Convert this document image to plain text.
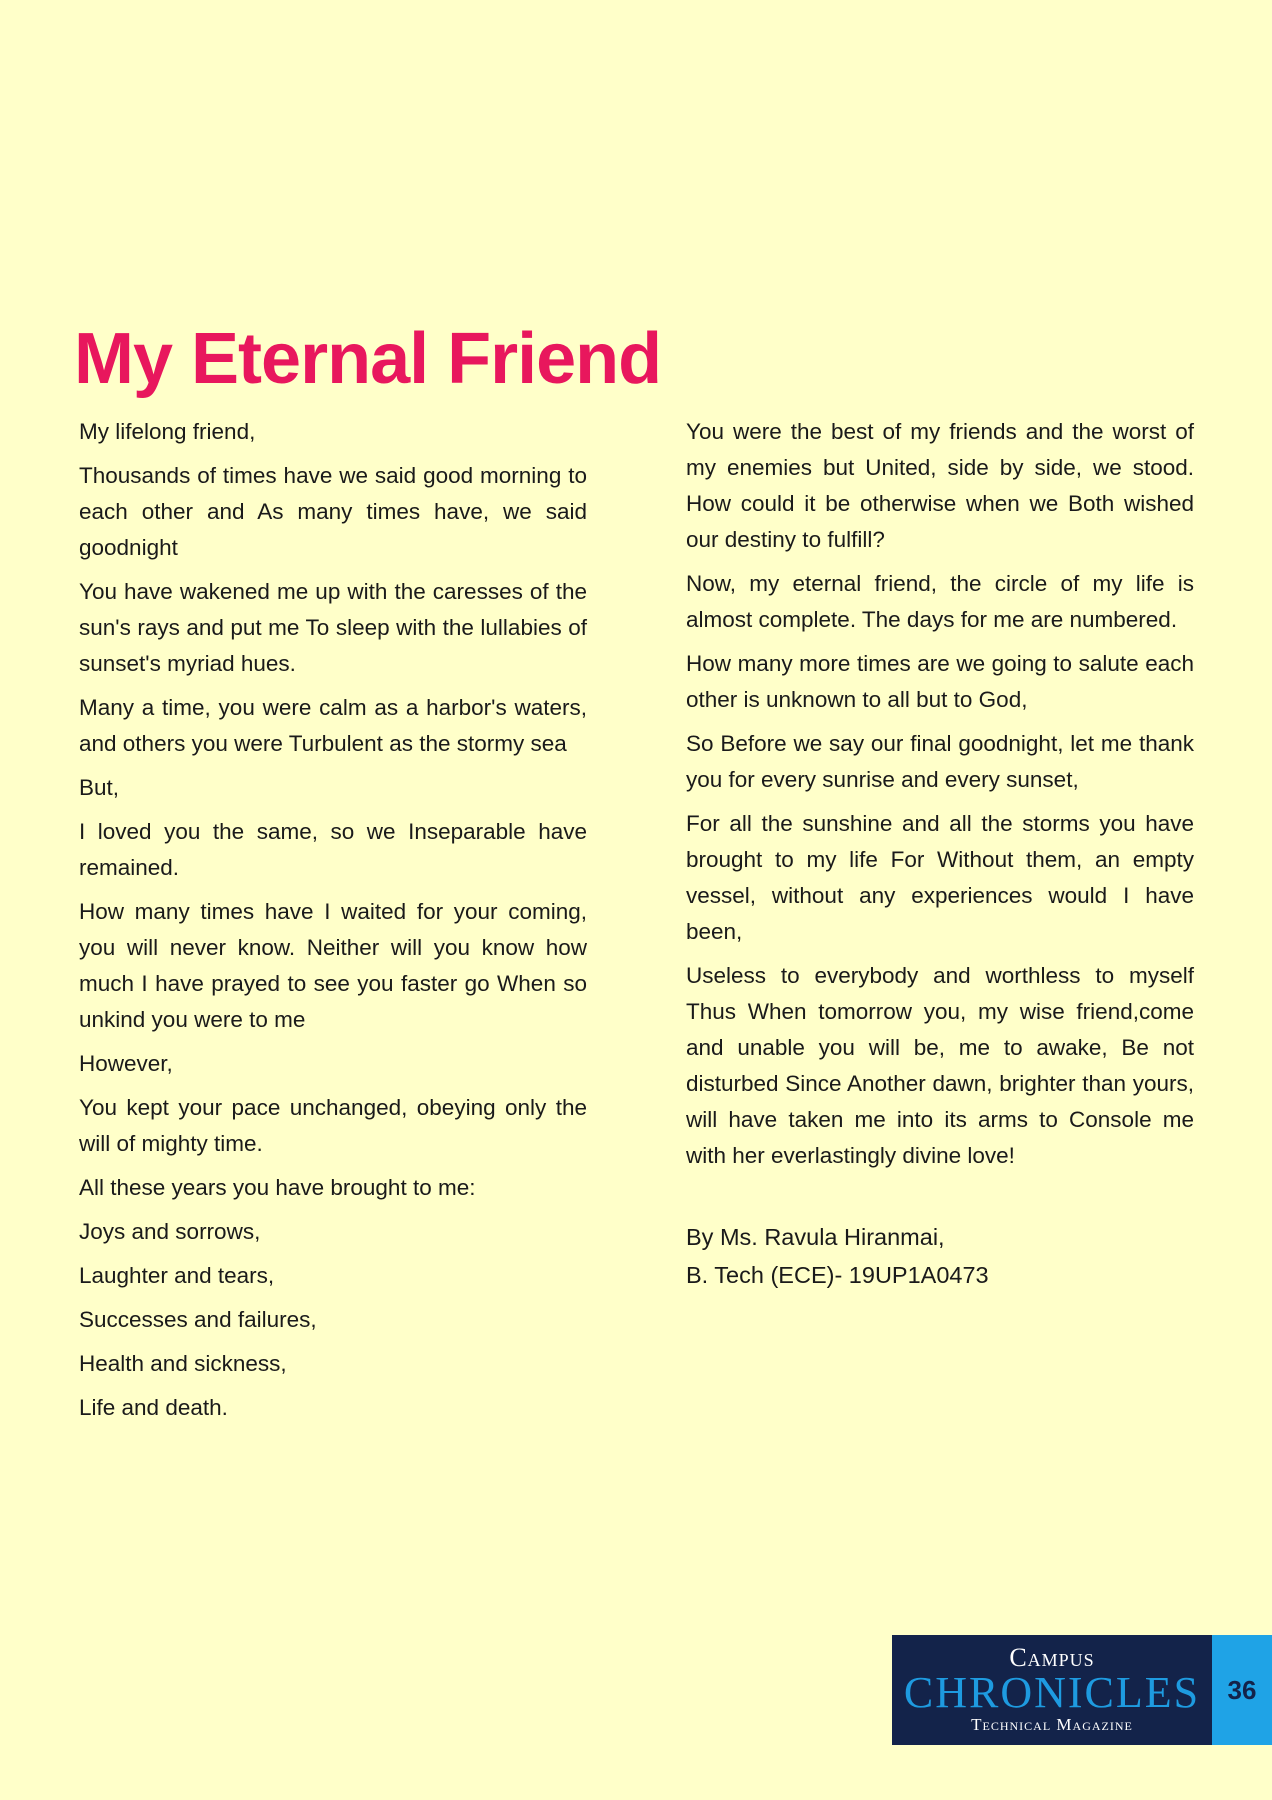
My Eternal Friend

My lifelong friend,

Thousands of times have we said good morning to each other and As many times have, we said goodnight

You have wakened me up with the caresses of the sun's rays and put me To sleep with the lullabies of sunset's myriad hues.

Many a time, you were calm as a harbor's waters, and others you were Turbulent as the stormy sea

But,

I loved you the same, so we Inseparable have remained.

How many times have I waited for your coming, you will never know. Neither will you know how much I have prayed to see you faster go When so unkind you were to me

However,

You kept your pace unchanged, obeying only the will of mighty time.

All these years you have brought to me:

Joys and sorrows,

Laughter and tears,

Successes and failures,

Health and sickness,

Life and death.

You were the best of my friends and the worst of my enemies but United, side by side, we stood. How could it be otherwise when we Both wished our destiny to fulfill?

Now, my eternal friend, the circle of my life is almost complete. The days for me are numbered.

How many more times are we going to salute each other is unknown to all but to God,

So Before we say our final goodnight, let me thank you for every sunrise and every sunset,

For all the sunshine and all the storms you have brought to my life For Without them, an empty vessel, without any experiences would I have been,

Useless to everybody and worthless to myself Thus When tomorrow you, my wise friend,come and unable you will be, me to awake, Be not disturbed Since Another dawn, brighter than yours, will have taken me into its arms to Console me with her everlastingly divine love!

By Ms. Ravula Hiranmai,
B. Tech (ECE)- 19UP1A0473
Campus
CHRONICLES
Technical Magazine
36
